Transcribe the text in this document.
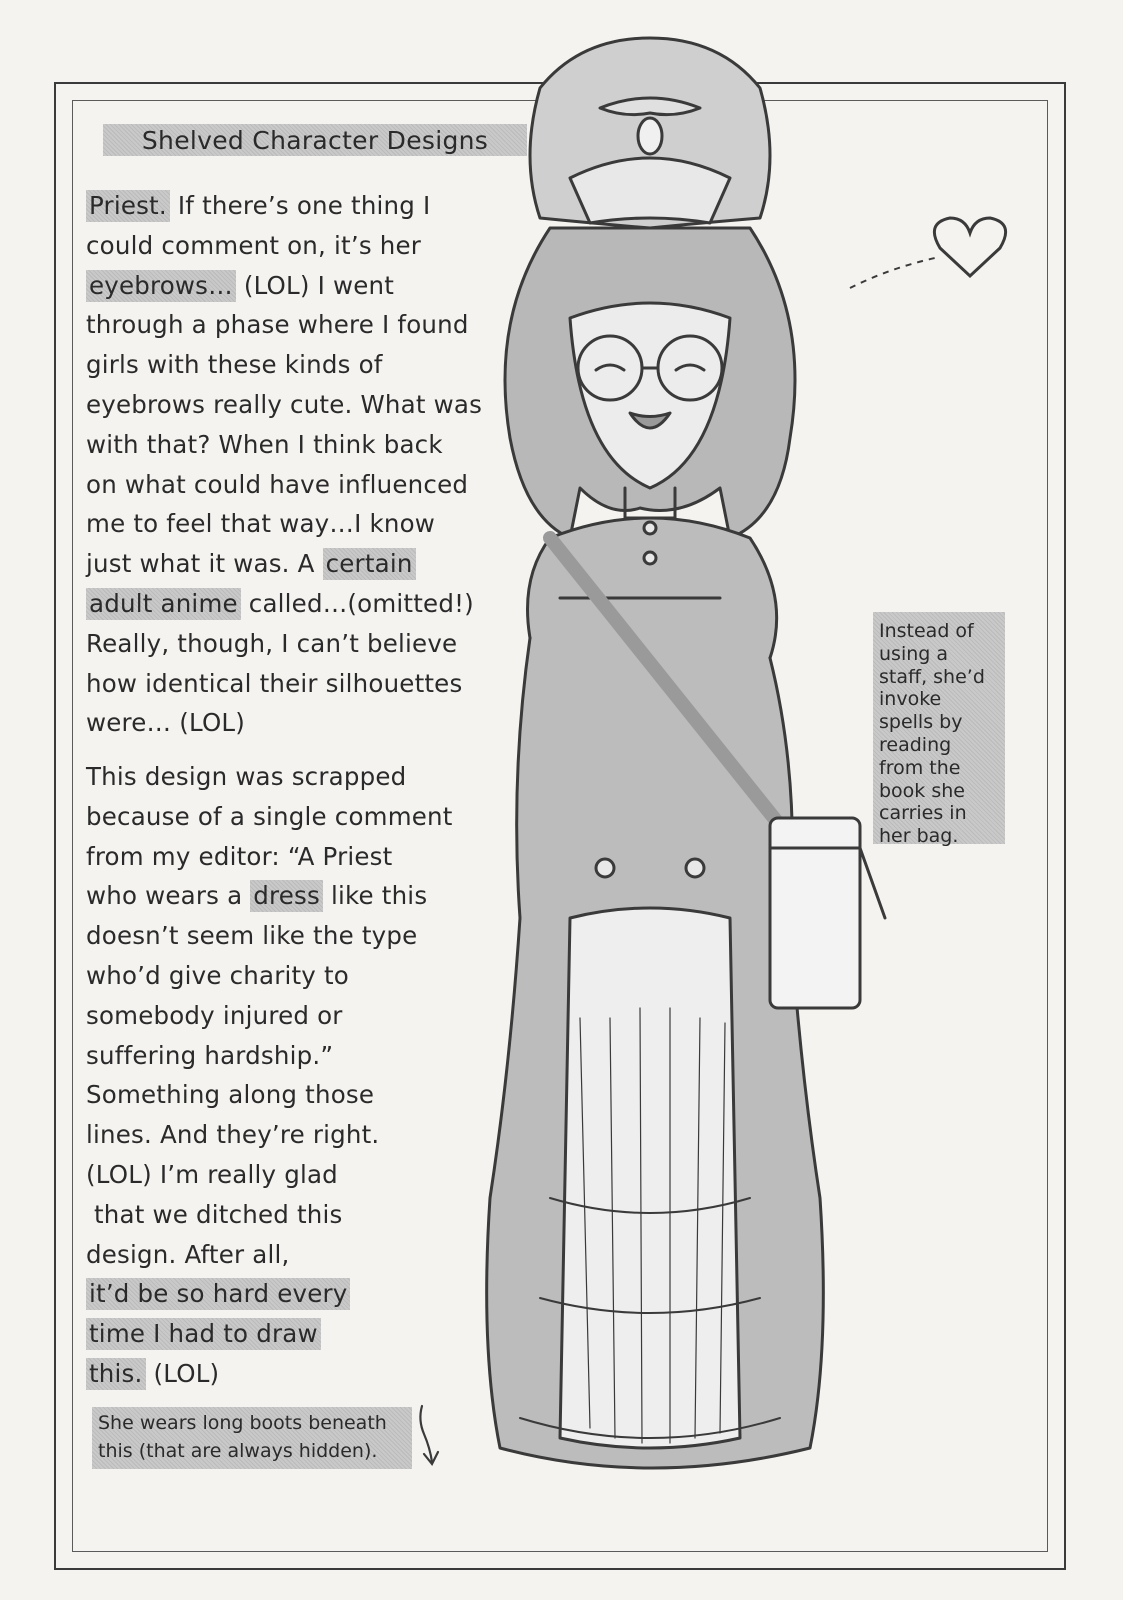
Shelved Character Designs
Priest. If there’s one thing I
could comment on, it’s her
eyebrows… (LOL) I went
through a phase where I found
girls with these kinds of
eyebrows really cute. What was
with that? When I think back
on what could have influenced
me to feel that way…I know
just what it was. A certain
adult anime called…(omitted!)
Really, though, I can’t believe
how identical their silhouettes
were… (LOL)
This design was scrapped
because of a single comment
from my editor: “A Priest
who wears a dress like this
doesn’t seem like the type
who’d give charity to
somebody injured or
suffering hardship.”
Something along those
lines. And they’re right.
(LOL) I’m really glad
that we ditched this
design. After all,
it’d be so hard every
time I had to draw
this. (LOL)
Instead of using a staff, she’d invoke spells by reading from the book she carries in her bag.
She wears long boots beneath this (that are always hidden).
